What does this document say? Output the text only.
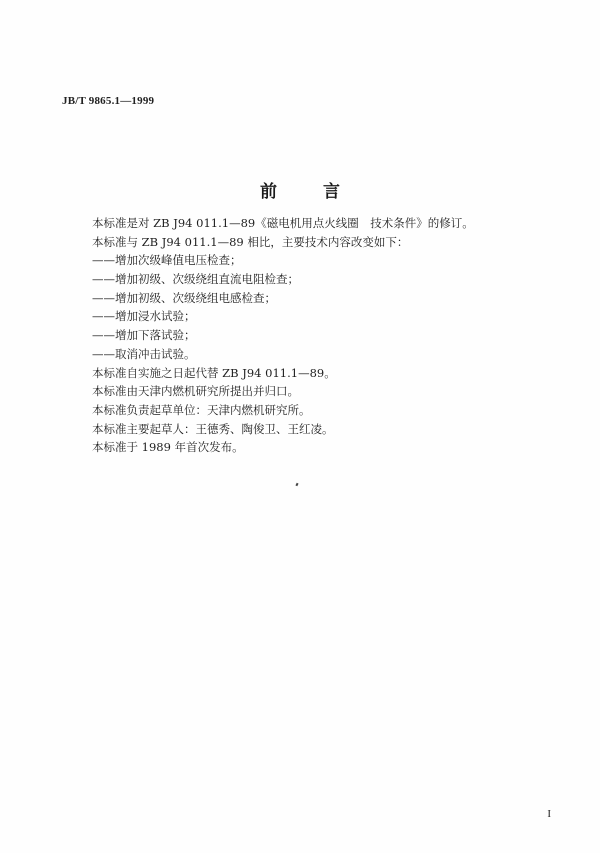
JB/T 9865.1—1999
前 言
本标准是对 ZB J94 011.1—89《磁电机用点火线圈　技术条件》的修订。
本标准与 ZB J94 011.1—89 相比，主要技术内容改变如下：
——增加次级峰值电压检查；
——增加初级、次级绕组直流电阻检查；
——增加初级、次级绕组电感检查；
——增加浸水试验；
——增加下落试验；
——取消冲击试验。
本标准自实施之日起代替 ZB J94 011.1—89。
本标准由天津内燃机研究所提出并归口。
本标准负责起草单位：天津内燃机研究所。
本标准主要起草人：王德秀、陶俊卫、王红凌。
本标准于 1989 年首次发布。
I
